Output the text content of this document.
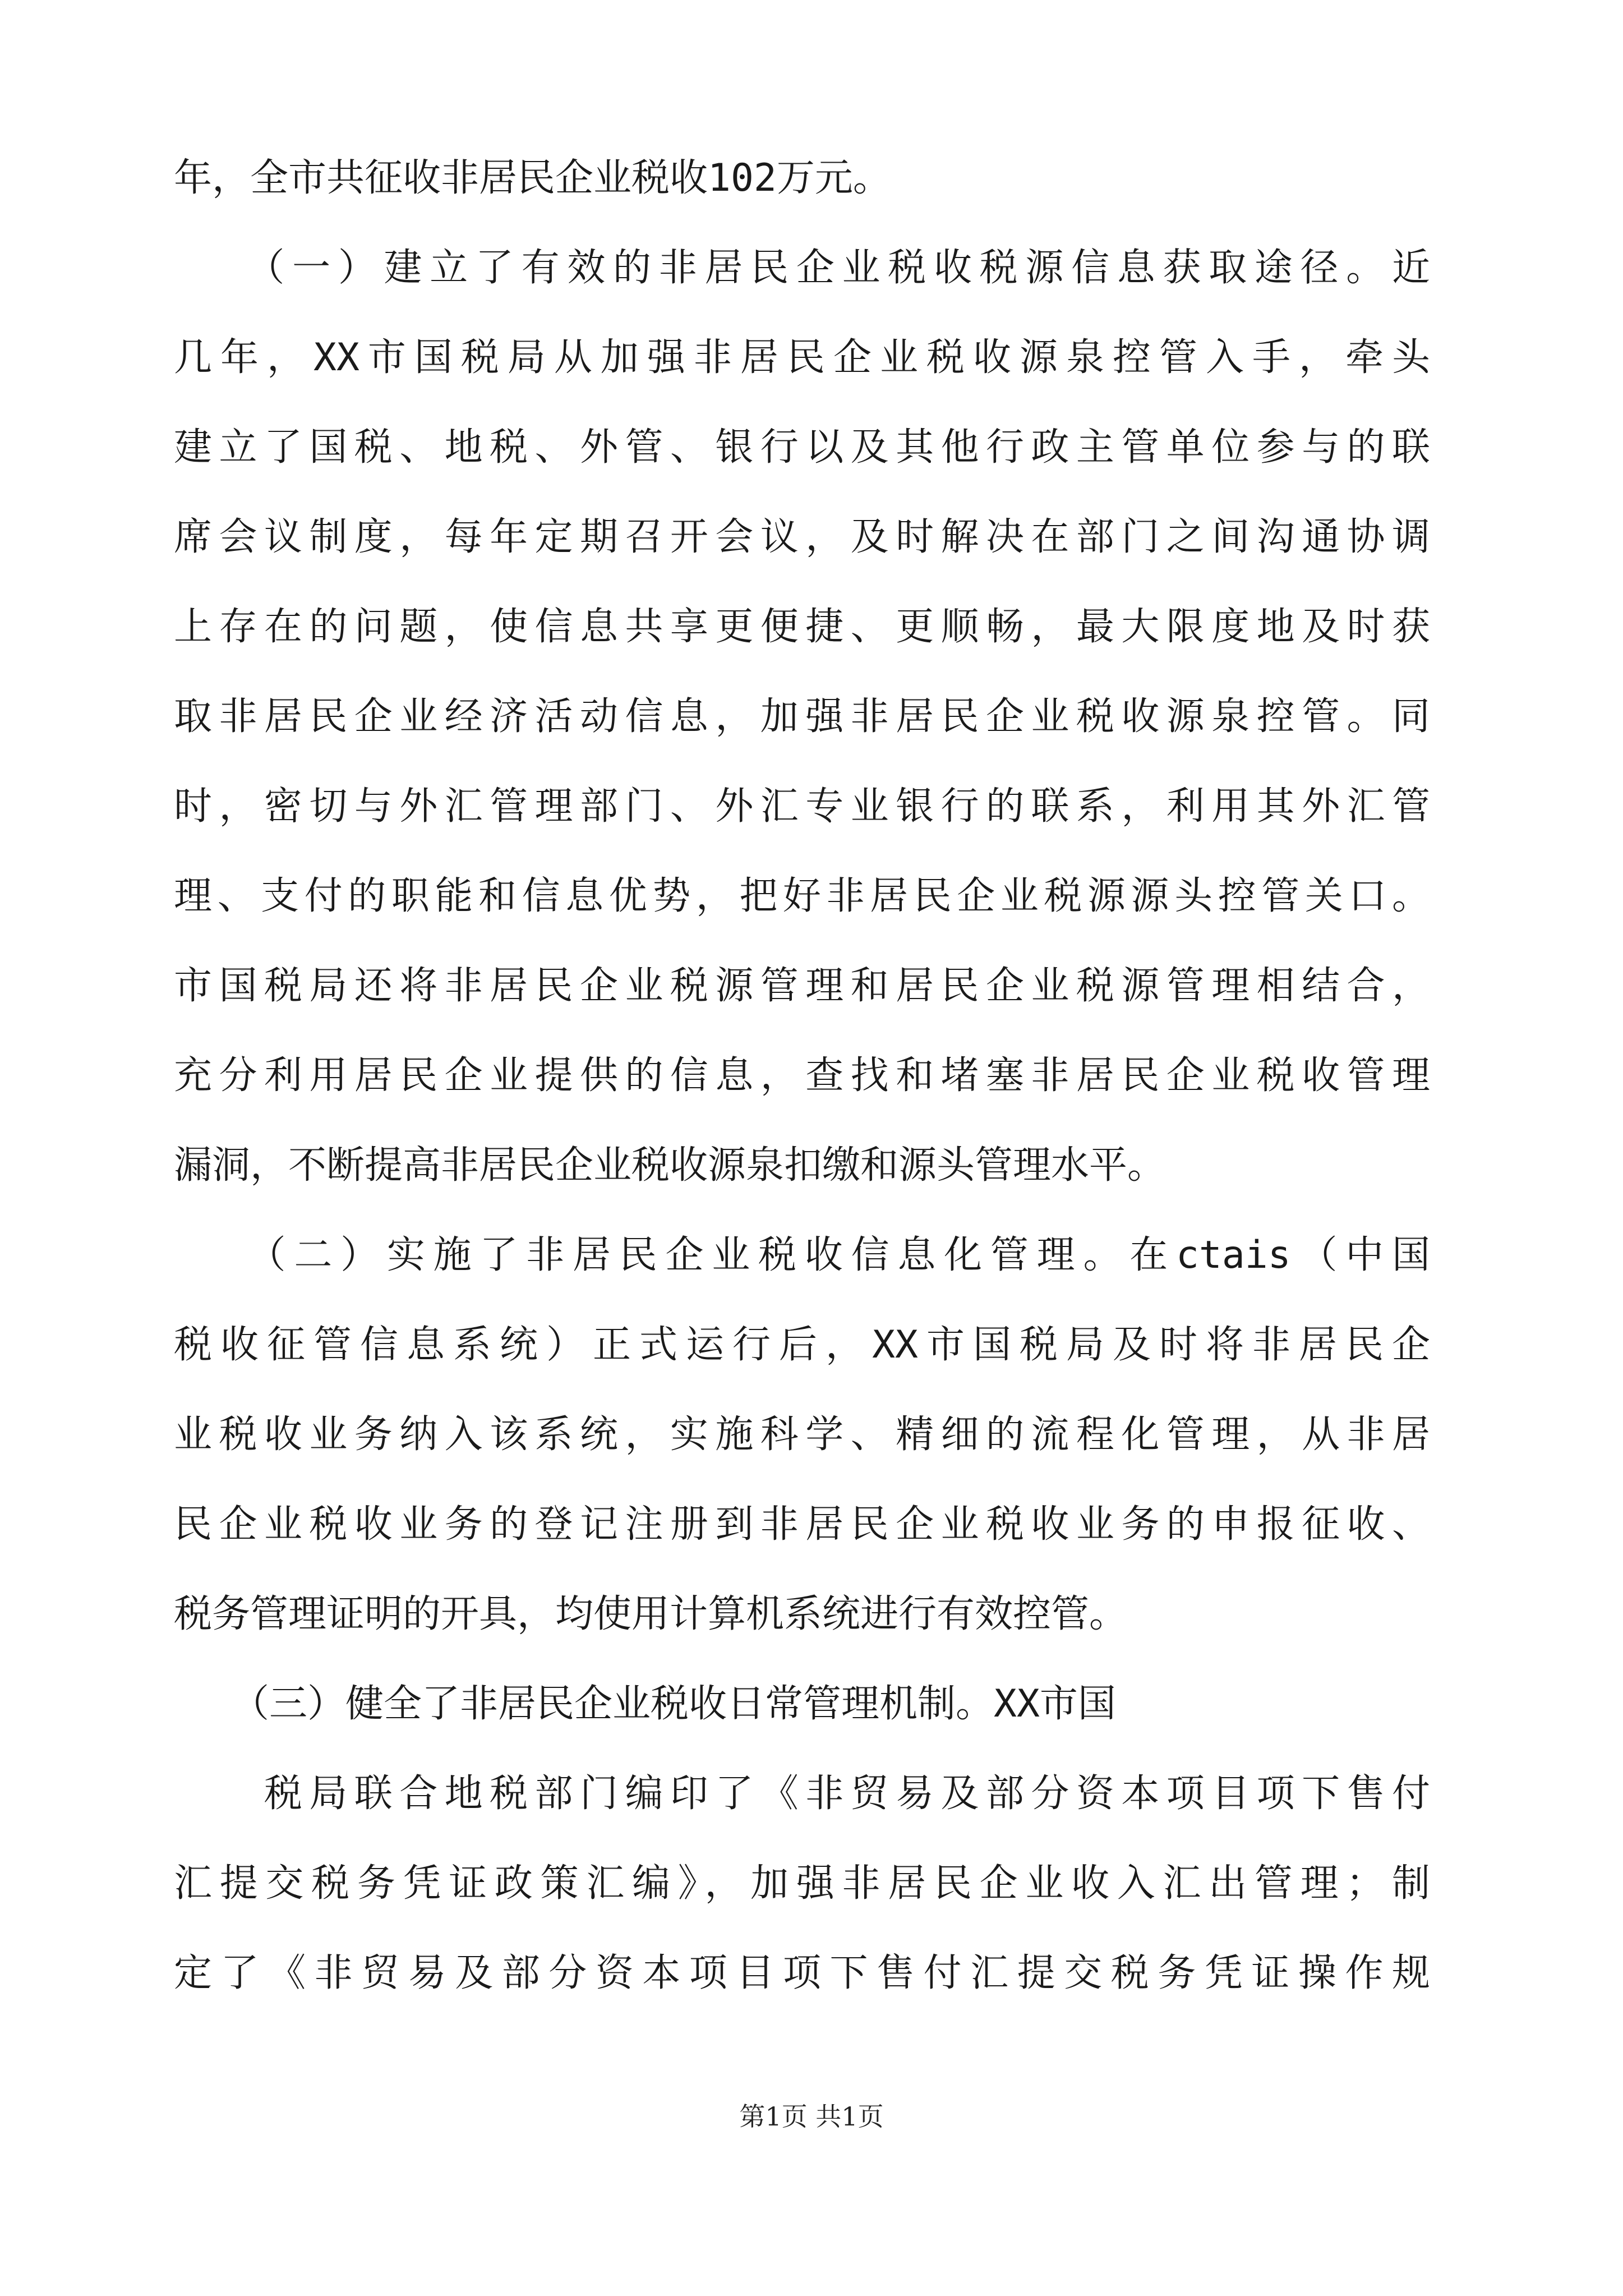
年，全市共征收非居民企业税收102万元。

　　（一）建立了有效的非居民企业税收税源信息获取途径。近

几年，XX市国税局从加强非居民企业税收源泉控管入手，牵头

建立了国税、地税、外管、银行以及其他行政主管单位参与的联

席会议制度，每年定期召开会议，及时解决在部门之间沟通协调

上存在的问题，使信息共享更便捷、更顺畅，最大限度地及时获

取非居民企业经济活动信息，加强非居民企业税收源泉控管。同

时，密切与外汇管理部门、外汇专业银行的联系，利用其外汇管

理、支付的职能和信息优势，把好非居民企业税源源头控管关口。

市国税局还将非居民企业税源管理和居民企业税源管理相结合，

充分利用居民企业提供的信息，查找和堵塞非居民企业税收管理

漏洞，不断提高非居民企业税收源泉扣缴和源头管理水平。

　　（二）实施了非居民企业税收信息化管理。在ctais（中国

税收征管信息系统）正式运行后，XX市国税局及时将非居民企

业税收业务纳入该系统，实施科学、精细的流程化管理，从非居

民企业税收业务的登记注册到非居民企业税收业务的申报征收、

税务管理证明的开具，均使用计算机系统进行有效控管。

　　（三）健全了非居民企业税收日常管理机制。XX市国

　　税局联合地税部门编印了《非贸易及部分资本项目项下售付

汇提交税务凭证政策汇编》，加强非居民企业收入汇出管理；制

定了《非贸易及部分资本项目项下售付汇提交税务凭证操作规

第1页 共1页
